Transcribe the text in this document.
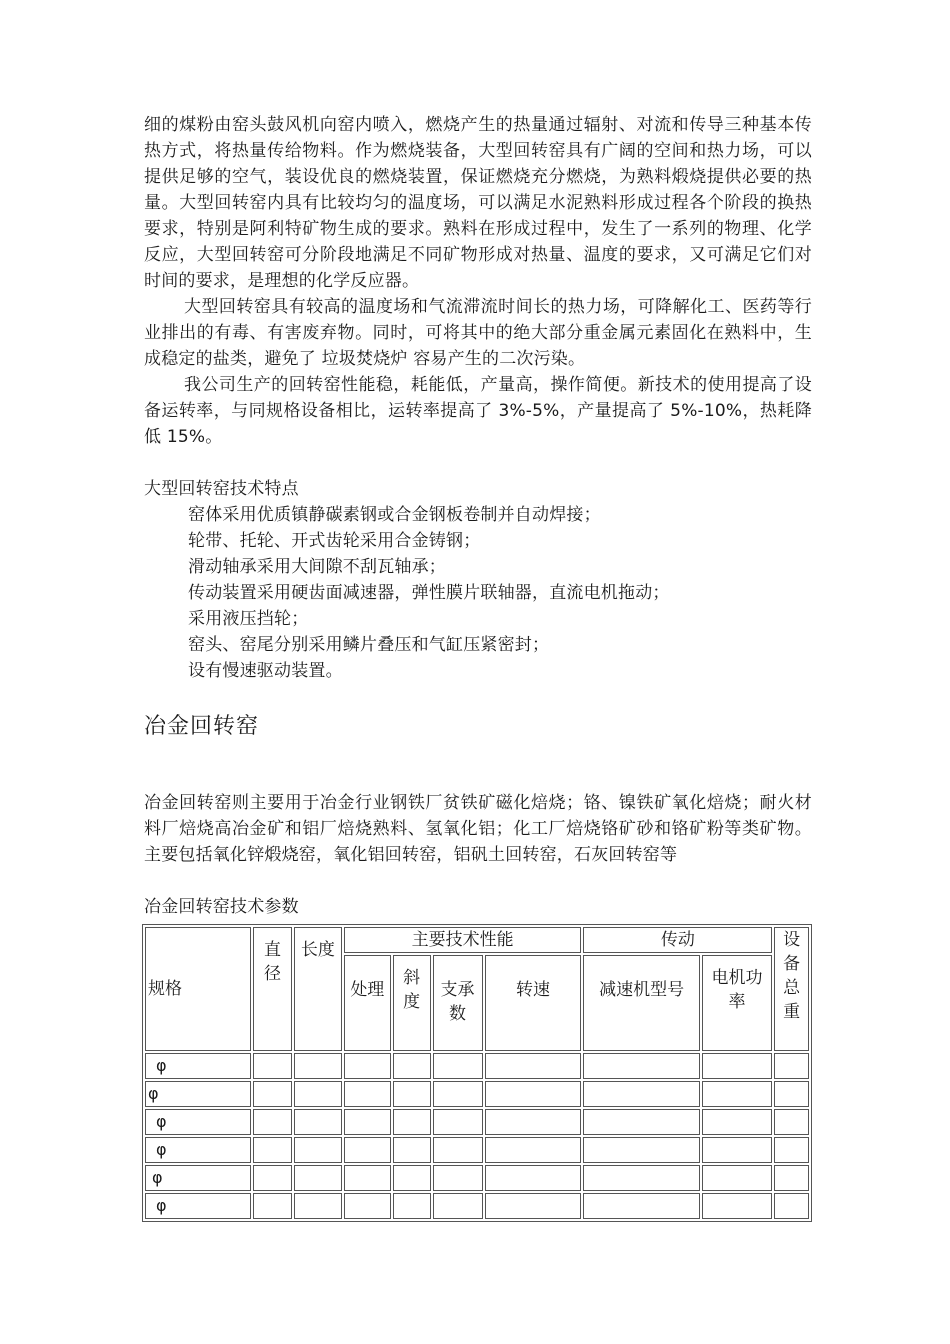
细的煤粉由窑头鼓风机向窑内喷入，燃烧产生的热量通过辐射、对流和传导三种基本传热方式，将热量传给物料。作为燃烧装备，大型回转窑具有广阔的空间和热力场，可以提供足够的空气，装设优良的燃烧装置，保证燃烧充分燃烧，为熟料煅烧提供必要的热量。大型回转窑内具有比较均匀的温度场，可以满足水泥熟料形成过程各个阶段的换热要求，特别是阿利特矿物生成的要求。熟料在形成过程中，发生了一系列的物理、化学反应，大型回转窑可分阶段地满足不同矿物形成对热量、温度的要求，又可满足它们对时间的要求，是理想的化学反应器。

大型回转窑具有较高的温度场和气流滞流时间长的热力场，可降解化工、医药等行业排出的有毒、有害废弃物。同时，可将其中的绝大部分重金属元素固化在熟料中，生成稳定的盐类，避免了 垃圾焚烧炉 容易产生的二次污染。

我公司生产的回转窑性能稳，耗能低，产量高，操作简便。新技术的使用提高了设备运转率，与同规格设备相比，运转率提高了 3%-5%，产量提高了 5%-10%，热耗降低 15%。

大型回转窑技术特点

窑体采用优质镇静碳素钢或合金钢板卷制并自动焊接；
轮带、托轮、开式齿轮采用合金铸钢；
滑动轴承采用大间隙不刮瓦轴承；
传动装置采用硬齿面减速器，弹性膜片联轴器，直流电机拖动；
采用液压挡轮；
窑头、窑尾分别采用鳞片叠压和气缸压紧密封；
设有慢速驱动装置。
冶金回转窑

冶金回转窑则主要用于冶金行业钢铁厂贫铁矿磁化焙烧；铬、镍铁矿氧化焙烧；耐火材料厂焙烧高冶金矿和铝厂焙烧熟料、氢氧化铝；化工厂焙烧铬矿砂和铬矿粉等类矿物。主要包括氧化锌煅烧窑，氧化铝回转窑，铝矾土回转窑，石灰回转窑等

冶金回转窑技术参数

规格	直径	长度	主要技术性能				传动		设备总重
			处理	斜度	支承数	转速	减速机型号	电机功率	
φ									
φ									
φ									
φ									
φ									
φ									
